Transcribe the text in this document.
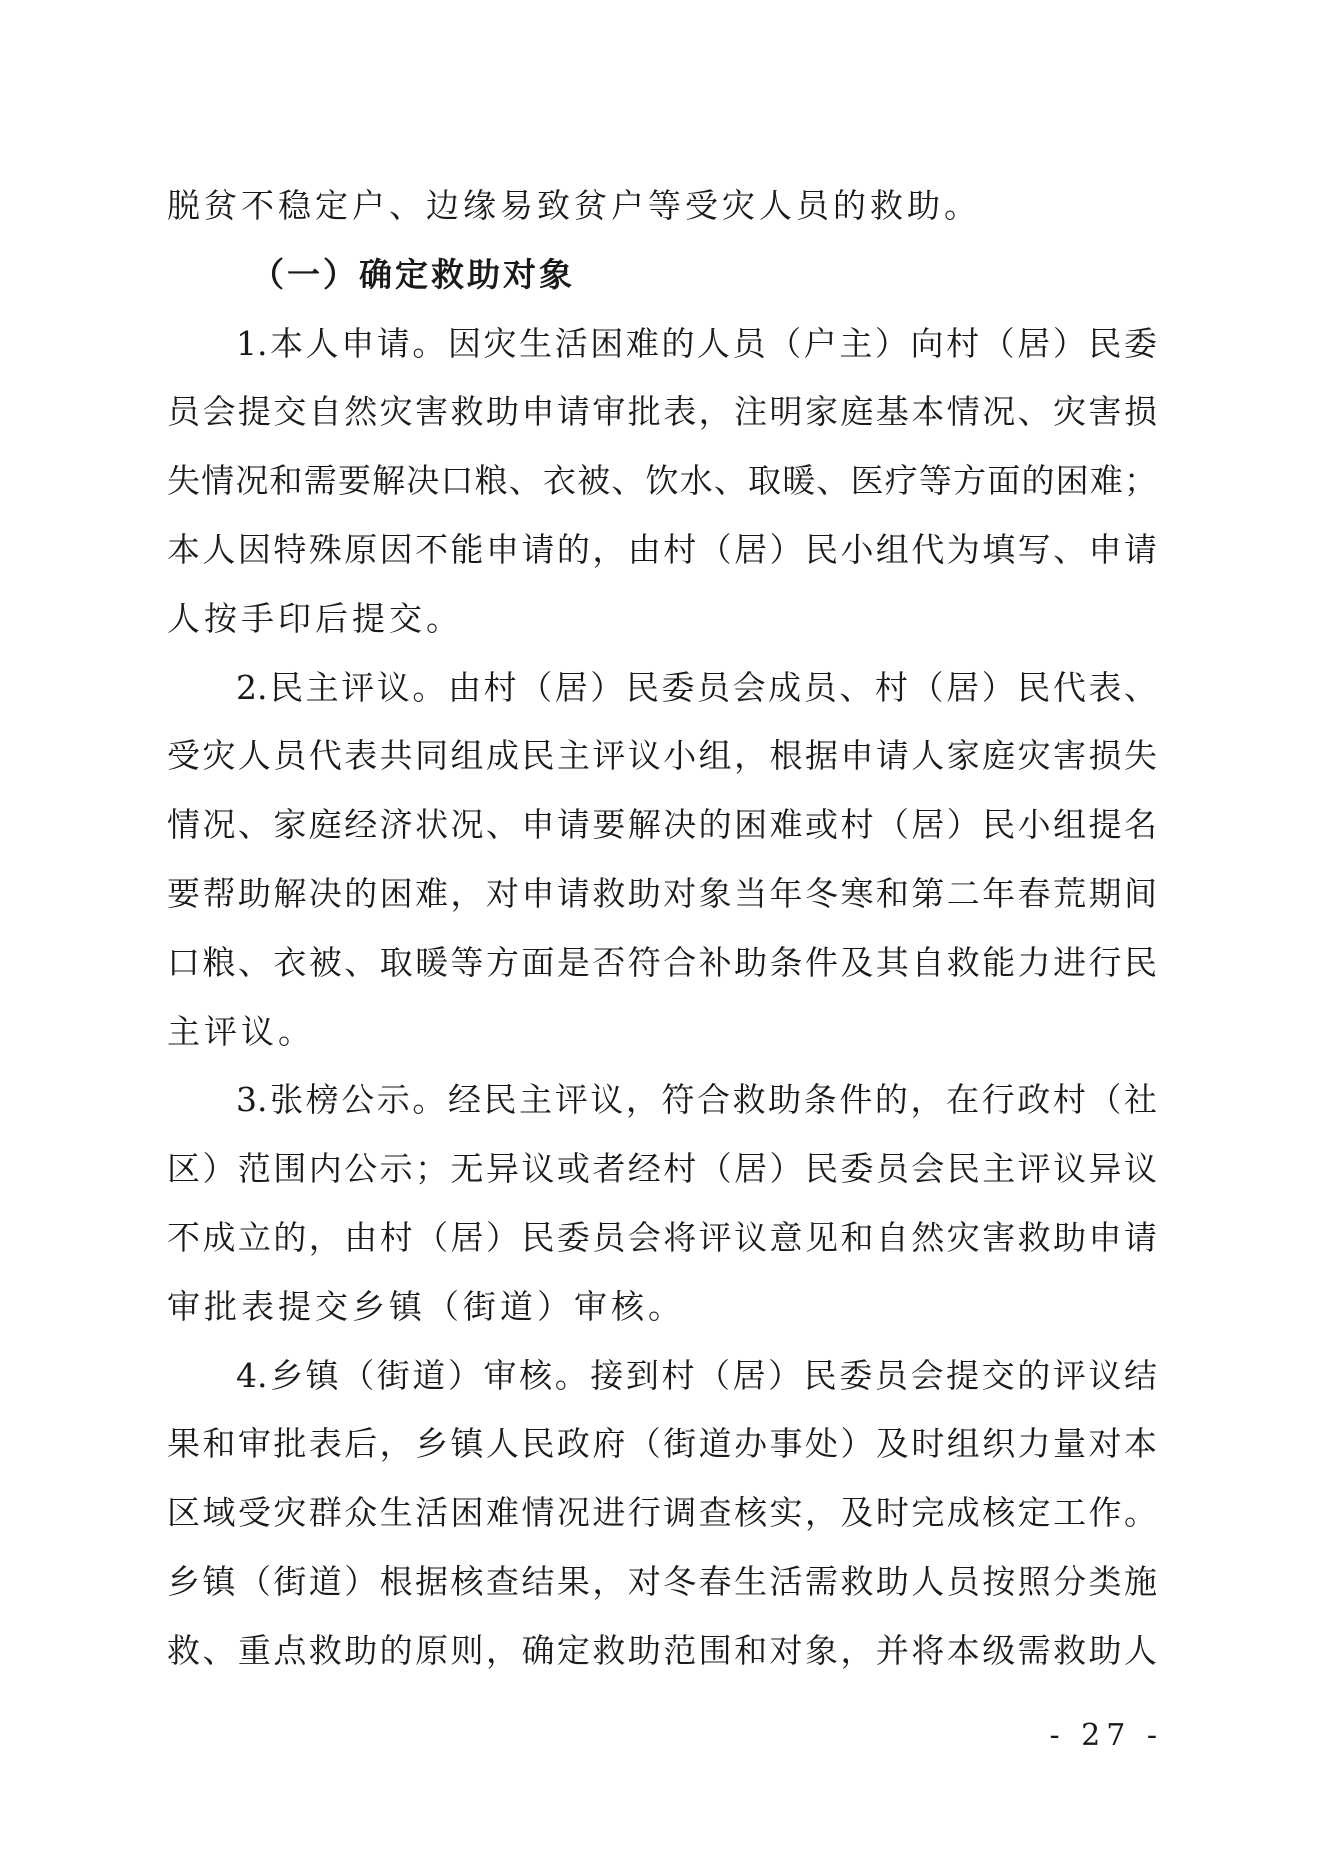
脱贫不稳定户、边缘易致贫户等受灾人员的救助。
（一）确定救助对象
1.本人申请。因灾生活困难的人员（户主）向村（居）民委
员会提交自然灾害救助申请审批表，注明家庭基本情况、灾害损
失情况和需要解决口粮、衣被、饮水、取暖、医疗等方面的困难；
本人因特殊原因不能申请的，由村（居）民小组代为填写、申请
人按手印后提交。
2.民主评议。由村（居）民委员会成员、村（居）民代表、
受灾人员代表共同组成民主评议小组，根据申请人家庭灾害损失
情况、家庭经济状况、申请要解决的困难或村（居）民小组提名
要帮助解决的困难，对申请救助对象当年冬寒和第二年春荒期间
口粮、衣被、取暖等方面是否符合补助条件及其自救能力进行民
主评议。
3.张榜公示。经民主评议，符合救助条件的，在行政村（社
区）范围内公示；无异议或者经村（居）民委员会民主评议异议
不成立的，由村（居）民委员会将评议意见和自然灾害救助申请
审批表提交乡镇（街道）审核。
4.乡镇（街道）审核。接到村（居）民委员会提交的评议结
果和审批表后，乡镇人民政府（街道办事处）及时组织力量对本
区域受灾群众生活困难情况进行调查核实，及时完成核定工作。
乡镇（街道）根据核查结果，对冬春生活需救助人员按照分类施
救、重点救助的原则，确定救助范围和对象，并将本级需救助人
- 27 -
